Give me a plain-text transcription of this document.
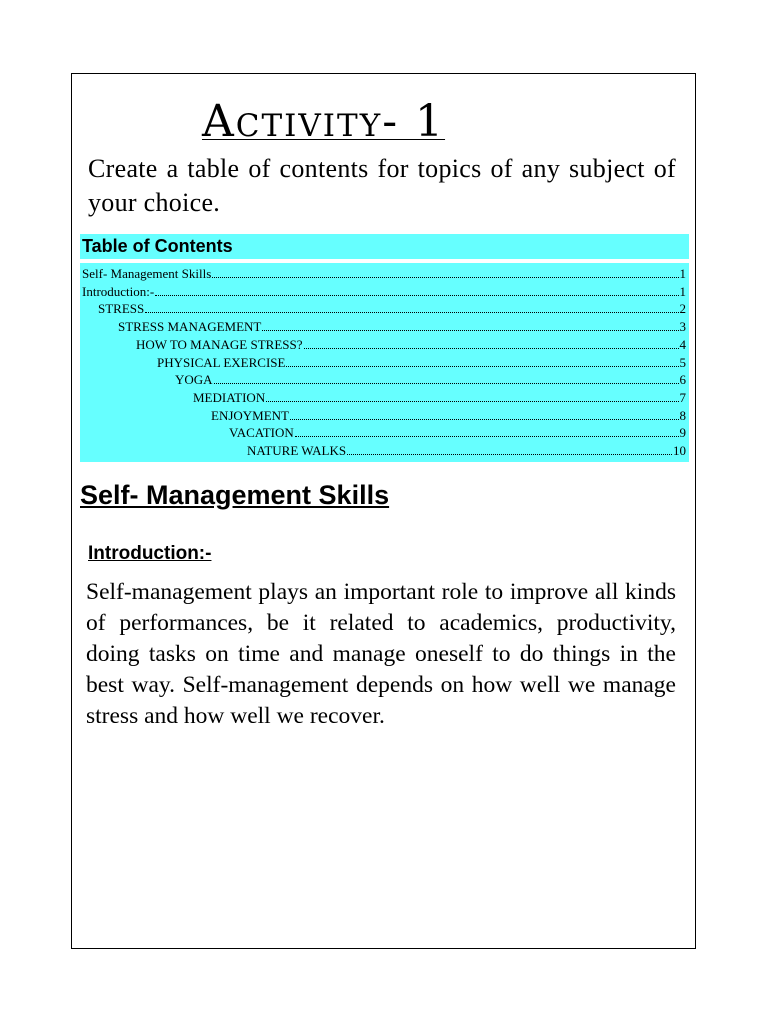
Activity- 1

Create a table of contents for topics of any subject of your choice.

Table of Contents
Self- Management Skills	1
Introduction:-	1
STRESS	2
STRESS MANAGEMENT	3
HOW TO MANAGE STRESS?	4
PHYSICAL EXERCISE	5
YOGA	6
MEDIATION	7
ENJOYMENT	8
VACATION	9
NATURE WALKS	10
Self- Management Skills
Introduction:-

Self-management plays an important role to improve all kinds of performances, be it related to academics, productivity, doing tasks on time and manage oneself to do things in the best way. Self-management depends on how well we manage stress and how well we recover.
